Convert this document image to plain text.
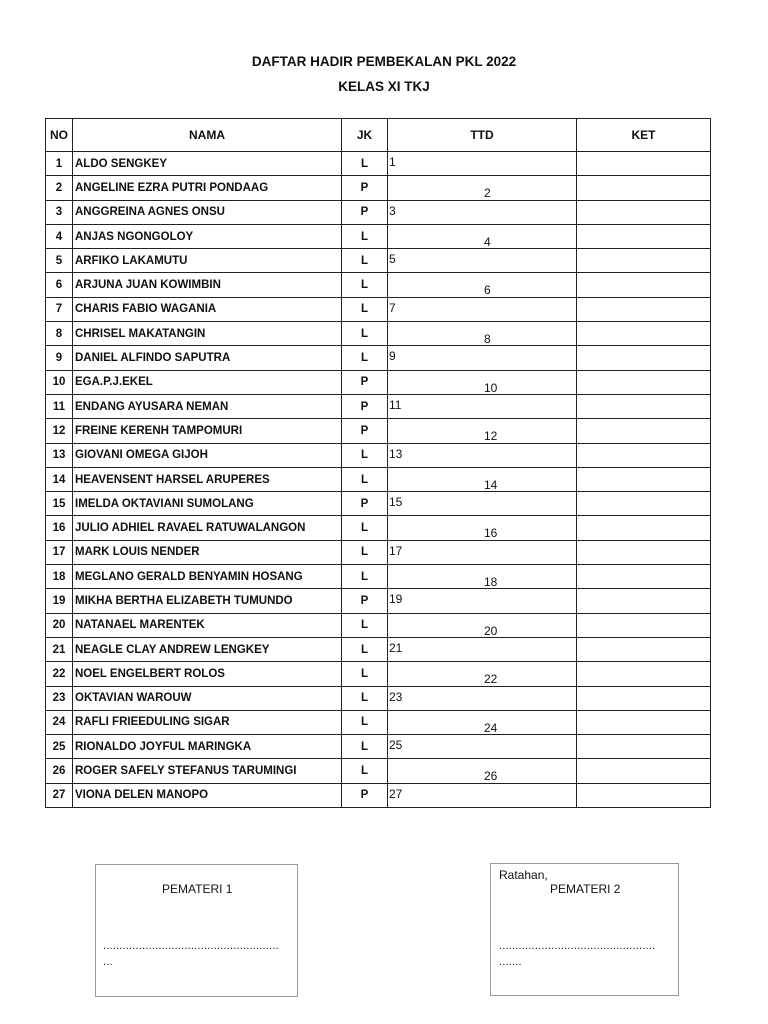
DAFTAR HADIR PEMBEKALAN PKL 2022
KELAS XI TKJ
NO	NAMA	JK	TTD	KET
1	ALDO SENGKEY	L	1	

2	ANGELINE EZRA PUTRI PONDAAG	P	2	

3	ANGGREINA AGNES ONSU	P	3	

4	ANJAS NGONGOLOY	L	4	

5	ARFIKO LAKAMUTU	L	5	

6	ARJUNA JUAN KOWIMBIN	L	6	

7	CHARIS FABIO WAGANIA	L	7	

8	CHRISEL MAKATANGIN	L	8	

9	DANIEL ALFINDO SAPUTRA	L	9	

10	EGA.P.J.EKEL	P	10	

11	ENDANG AYUSARA NEMAN	P	11	

12	FREINE KERENH TAMPOMURI	P	12	

13	GIOVANI OMEGA GIJOH	L	13	

14	HEAVENSENT HARSEL ARUPERES	L	14	

15	IMELDA OKTAVIANI SUMOLANG	P	15	

16	JULIO ADHIEL RAVAEL RATUWALANGON	L	16	

17	MARK LOUIS NENDER	L	17	

18	MEGLANO GERALD BENYAMIN HOSANG	L	18	

19	MIKHA BERTHA ELIZABETH TUMUNDO	P	19	

20	NATANAEL MARENTEK	L	20	

21	NEAGLE CLAY ANDREW LENGKEY	L	21	

22	NOEL ENGELBERT ROLOS	L	22	

23	OKTAVIAN WAROUW	L	23	

24	RAFLI FRIEEDULING SIGAR	L	24	

25	RIONALDO JOYFUL MARINGKA	L	25	

26	ROGER SAFELY STEFANUS TARUMINGI	L	26	

27	VIONA DELEN MANOPO	P	27	

PEMATERI 1
......................................................
...
Ratahan,
PEMATERI 2
................................................
.......
